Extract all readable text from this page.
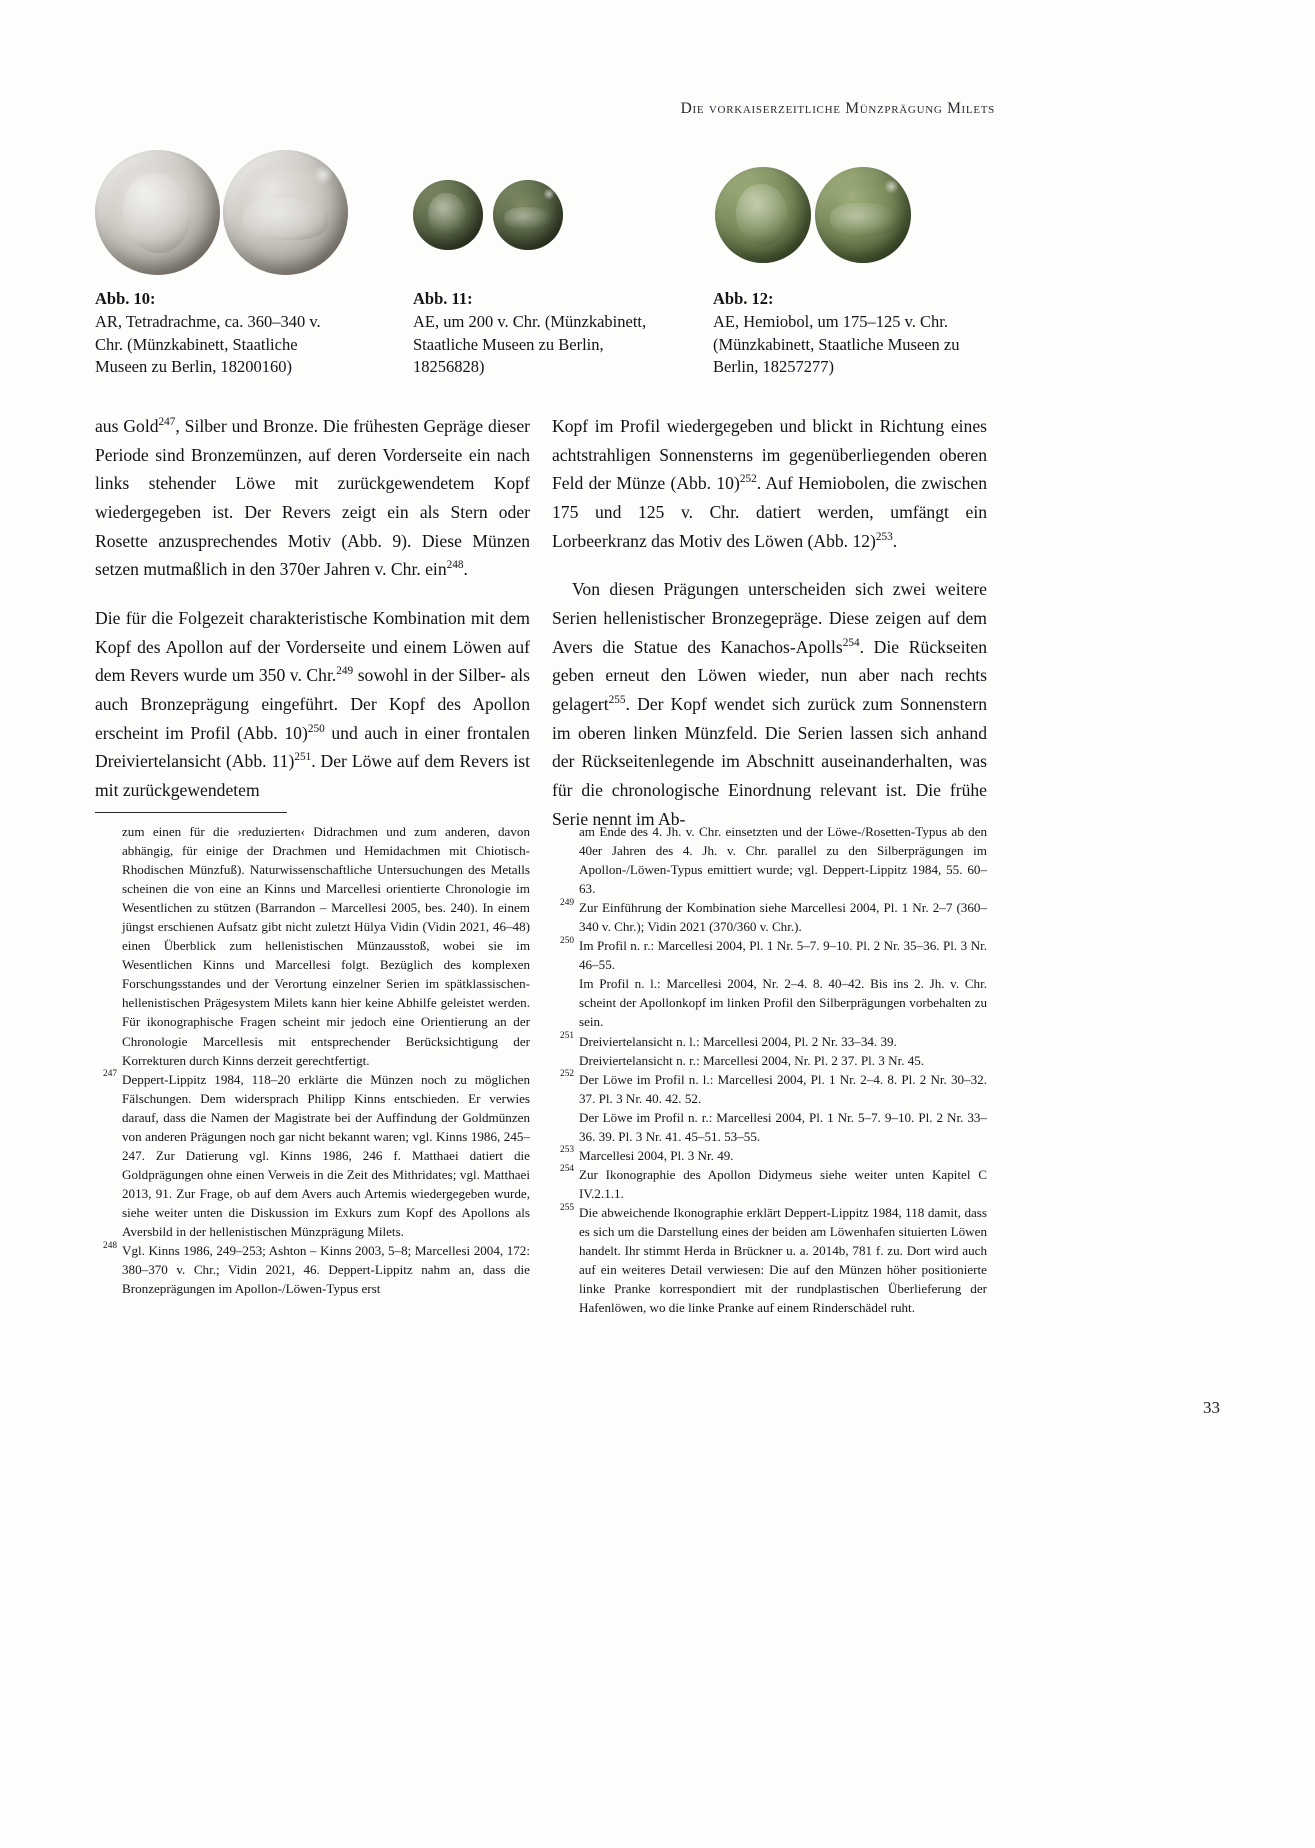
Die vorkaiserzeitliche Münzprägung Milets
Abb. 10:
AR, Tetradrachme, ca. 360–340 v. Chr. (Münzkabinett, Staatliche Museen zu Berlin, 18200160)
Abb. 11:
AE, um 200 v. Chr. (Münzkabinett, Staatliche Museen zu Berlin, 18256828)
Abb. 12:
AE, Hemiobol, um 175–125 v. Chr. (Münzkabinett, Staatliche Museen zu Berlin, 18257277)

aus Gold$^{247}$, Silber und Bronze. Die frühesten Gepräge dieser Periode sind Bronzemünzen, auf deren Vorderseite ein nach links stehender Löwe mit zurückgewendetem Kopf wiedergegeben ist. Der Revers zeigt ein als Stern oder Rosette anzusprechendes Motiv (Abb. 9). Diese Münzen setzen mutmaßlich in den 370er Jahren v. Chr. ein$^{248}$.

Die für die Folgezeit charakteristische Kombination mit dem Kopf des Apollon auf der Vorderseite und einem Löwen auf dem Revers wurde um 350 v. Chr.$^{249}$ sowohl in der Silber- als auch Bronzeprägung eingeführt. Der Kopf des Apollon erscheint im Profil (Abb. 10)$^{250}$ und auch in einer frontalen Dreiviertelansicht (Abb. 11)$^{251}$. Der Löwe auf dem Revers ist mit zurückgewendetem

Kopf im Profil wiedergegeben und blickt in Richtung eines achtstrahligen Sonnensterns im gegenüberliegenden oberen Feld der Münze (Abb. 10)$^{252}$. Auf Hemiobolen, die zwischen 175 und 125 v. Chr. datiert werden, umfängt ein Lorbeerkranz das Motiv des Löwen (Abb. 12)$^{253}$.

Von diesen Prägungen unterscheiden sich zwei weitere Serien hellenistischer Bronzegepräge. Diese zeigen auf dem Avers die Statue des Kanachos-Apolls$^{254}$. Die Rückseiten geben erneut den Löwen wieder, nun aber nach rechts gelagert$^{255}$. Der Kopf wendet sich zurück zum Sonnenstern im oberen linken Münzfeld. Die Serien lassen sich anhand der Rückseitenlegende im Abschnitt auseinanderhalten, was für die chronologische Einordnung relevant ist. Die frühe Serie nennt im Ab-

zum einen für die ›reduzierten‹ Didrachmen und zum anderen, davon abhängig, für einige der Drachmen und Hemidachmen mit Chiotisch-Rhodischen Münzfuß). Naturwissenschaftliche Untersuchungen des Metalls scheinen die von eine an Kinns und Marcellesi orientierte Chronologie im Wesentlichen zu stützen (Barrandon – Marcellesi 2005, bes. 240). In einem jüngst erschienen Aufsatz gibt nicht zuletzt Hülya Vidin (Vidin 2021, 46–48) einen Überblick zum hellenistischen Münzausstoß, wobei sie im Wesentlichen Kinns und Marcellesi folgt. Bezüglich des komplexen Forschungsstandes und der Verortung einzelner Serien im spätklassischen-hellenistischen Prägesystem Milets kann hier keine Abhilfe geleistet werden. Für ikonographische Fragen scheint mir jedoch eine Orientierung an der Chronologie Marcellesis mit entsprechender Berücksichtigung der Korrekturen durch Kinns derzeit gerechtfertigt.
247 Deppert-Lippitz 1984, 118–20 erklärte die Münzen noch zu möglichen Fälschungen. Dem widersprach Philipp Kinns entschieden. Er verwies darauf, dass die Namen der Magistrate bei der Auffindung der Goldmünzen von anderen Prägungen noch gar nicht bekannt waren; vgl. Kinns 1986, 245–247. Zur Datierung vgl. Kinns 1986, 246 f. Matthaei datiert die Goldprägungen ohne einen Verweis in die Zeit des Mithridates; vgl. Matthaei 2013, 91. Zur Frage, ob auf dem Avers auch Artemis wiedergegeben wurde, siehe weiter unten die Diskussion im Exkurs zum Kopf des Apollons als Aversbild in der hellenistischen Münzprägung Milets.
248 Vgl. Kinns 1986, 249–253; Ashton – Kinns 2003, 5–8; Marcellesi 2004, 172: 380–370 v. Chr.; Vidin 2021, 46. Deppert-Lippitz nahm an, dass die Bronzeprägungen im Apollon-/Löwen-Typus erst
am Ende des 4. Jh. v. Chr. einsetzten und der Löwe-/Rosetten-Typus ab den 40er Jahren des 4. Jh. v. Chr. parallel zu den Silberprägungen im Apollon-/Löwen-Typus emittiert wurde; vgl. Deppert-Lippitz 1984, 55. 60–63.
249 Zur Einführung der Kombination siehe Marcellesi 2004, Pl. 1 Nr. 2–7 (360–340 v. Chr.); Vidin 2021 (370/360 v. Chr.).
250 Im Profil n. r.: Marcellesi 2004, Pl. 1 Nr. 5–7. 9–10. Pl. 2 Nr. 35–36. Pl. 3 Nr. 46–55.
Im Profil n. l.: Marcellesi 2004, Nr. 2–4. 8. 40–42. Bis ins 2. Jh. v. Chr. scheint der Apollonkopf im linken Profil den Silberprägungen vorbehalten zu sein.
251 Dreiviertelansicht n. l.: Marcellesi 2004, Pl. 2 Nr. 33–34. 39.
Dreiviertelansicht n. r.: Marcellesi 2004, Nr. Pl. 2 37. Pl. 3 Nr. 45.
252 Der Löwe im Profil n. l.: Marcellesi 2004, Pl. 1 Nr. 2–4. 8. Pl. 2 Nr. 30–32. 37. Pl. 3 Nr. 40. 42. 52.
Der Löwe im Profil n. r.: Marcellesi 2004, Pl. 1 Nr. 5–7. 9–10. Pl. 2 Nr. 33–36. 39. Pl. 3 Nr. 41. 45–51. 53–55.
253 Marcellesi 2004, Pl. 3 Nr. 49.
254 Zur Ikonographie des Apollon Didymeus siehe weiter unten Kapitel C IV.2.1.1.
255 Die abweichende Ikonographie erklärt Deppert-Lippitz 1984, 118 damit, dass es sich um die Darstellung eines der beiden am Löwenhafen situierten Löwen handelt. Ihr stimmt Herda in Brückner u. a. 2014b, 781 f. zu. Dort wird auch auf ein weiteres Detail verwiesen: Die auf den Münzen höher positionierte linke Pranke korrespondiert mit der rundplastischen Überlieferung der Hafenlöwen, wo die linke Pranke auf einem Rinderschädel ruht.
33
